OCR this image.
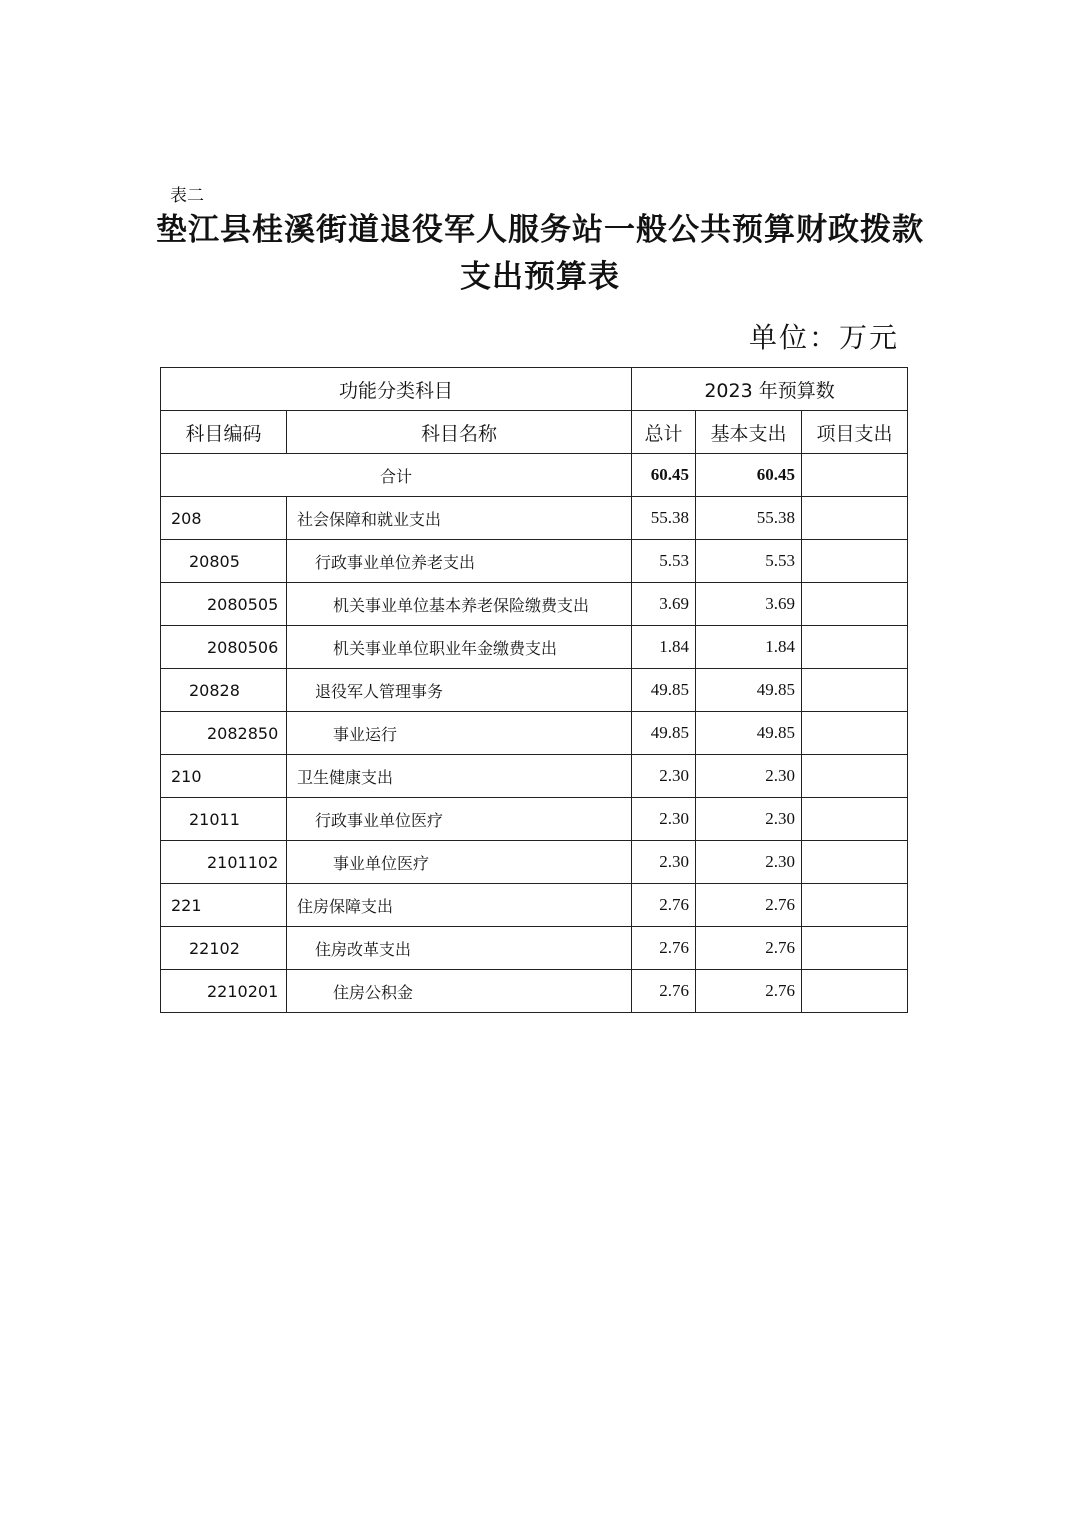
表二
垫江县桂溪街道退役军人服务站一般公共预算财政拨款
支出预算表
单位：万元
功能分类科目		2023 年预算数		
科目编码	科目名称	总计	基本支出	项目支出
合计		60.45	60.45	
208	社会保障和就业支出	55.38	55.38	
20805	行政事业单位养老支出	5.53	5.53	
2080505	机关事业单位基本养老保险缴费支出	3.69	3.69	
2080506	机关事业单位职业年金缴费支出	1.84	1.84	
20828	退役军人管理事务	49.85	49.85	
2082850	事业运行	49.85	49.85	
210	卫生健康支出	2.30	2.30	
21011	行政事业单位医疗	2.30	2.30	
2101102	事业单位医疗	2.30	2.30	
221	住房保障支出	2.76	2.76	
22102	住房改革支出	2.76	2.76	
2210201	住房公积金	2.76	2.76	
